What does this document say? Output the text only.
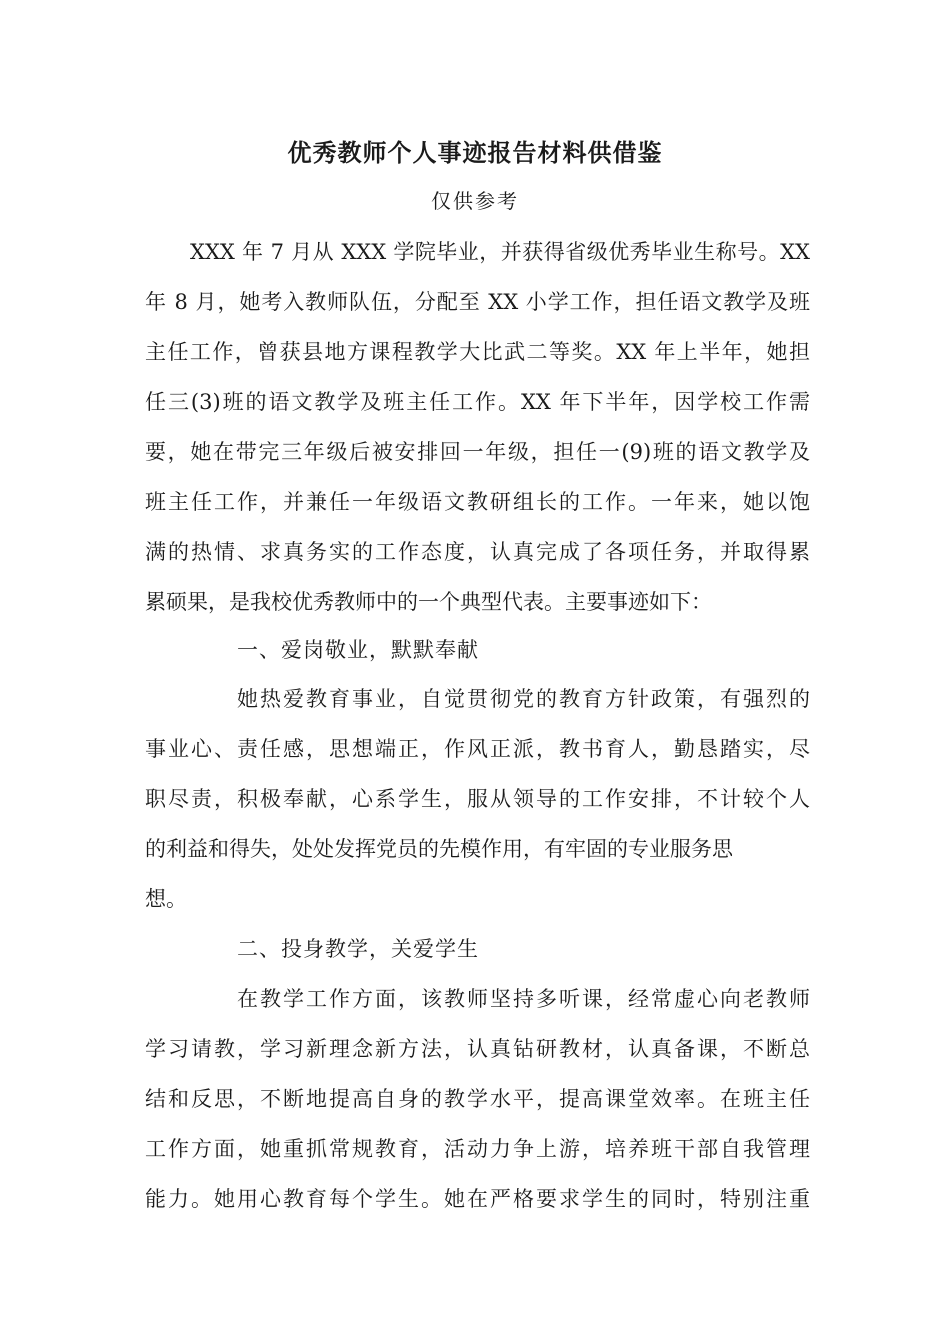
优秀教师个人事迹报告材料供借鉴
仅供参考
XXX 年 7 月从 XXX 学院毕业，并获得省级优秀毕业生称号。XX
年 8 月，她考入教师队伍，分配至 XX 小学工作，担任语文教学及班
主任工作，曾获县地方课程教学大比武二等奖。XX 年上半年，她担
任三(3)班的语文教学及班主任工作。XX 年下半年，因学校工作需
要，她在带完三年级后被安排回一年级，担任一(9)班的语文教学及
班主任工作，并兼任一年级语文教研组长的工作。一年来，她以饱
满的热情、求真务实的工作态度，认真完成了各项任务，并取得累
累硕果，是我校优秀教师中的一个典型代表。主要事迹如下：
一、爱岗敬业，默默奉献
她热爱教育事业，自觉贯彻党的教育方针政策，有强烈的
事业心、责任感，思想端正，作风正派，教书育人，勤恳踏实，尽
职尽责，积极奉献，心系学生，服从领导的工作安排，不计较个人
的利益和得失，处处发挥党员的先模作用，有牢固的专业服务思
想。
二、投身教学，关爱学生
在教学工作方面，该教师坚持多听课，经常虚心向老教师
学习请教，学习新理念新方法，认真钻研教材，认真备课，不断总
结和反思，不断地提高自身的教学水平，提高课堂效率。在班主任
工作方面，她重抓常规教育，活动力争上游，培养班干部自我管理
能力。她用心教育每个学生。她在严格要求学生的同时，特别注重
